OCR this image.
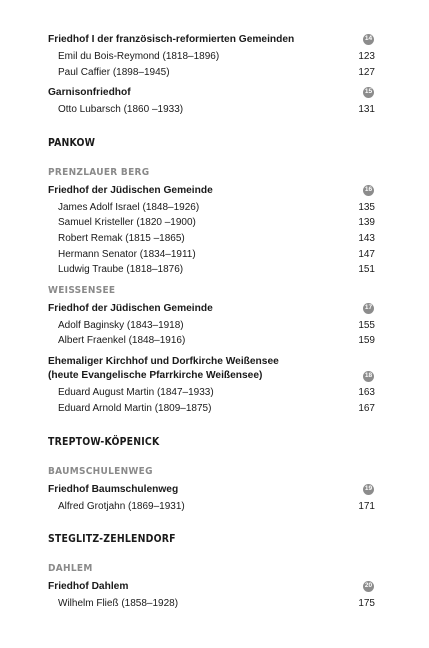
Friedhof I der französisch-reformierten Gemeinden	14
Emil du Bois-Reymond (1818–1896)	123
Paul Caffier (1898–1945)	127
Garnisonfriedhof	15
Otto Lubarsch (1860 –1933)	131
PANKOW
PRENZLAUER BERG
Friedhof der Jüdischen Gemeinde	16
James Adolf Israel (1848–1926)	135
Samuel Kristeller (1820 –1900)	139
Robert Remak (1815 –1865)	143
Hermann Senator (1834–1911)	147
Ludwig Traube (1818–1876)	151
WEISSENSEE
Friedhof der Jüdischen Gemeinde	17
Adolf Baginsky (1843–1918)	155
Albert Fraenkel (1848–1916)	159
Ehemaliger Kirchhof und Dorfkirche Weißensee
(heute Evangelische Pfarrkirche Weißensee)	18
Eduard August Martin (1847–1933)	163
Eduard Arnold Martin (1809–1875)	167
TREPTOW-KÖPENICK
BAUMSCHULENWEG
Friedhof Baumschulenweg	19
Alfred Grotjahn (1869–1931)	171
STEGLITZ-ZEHLENDORF
DAHLEM
Friedhof Dahlem	20
Wilhelm Fließ (1858–1928)	175
